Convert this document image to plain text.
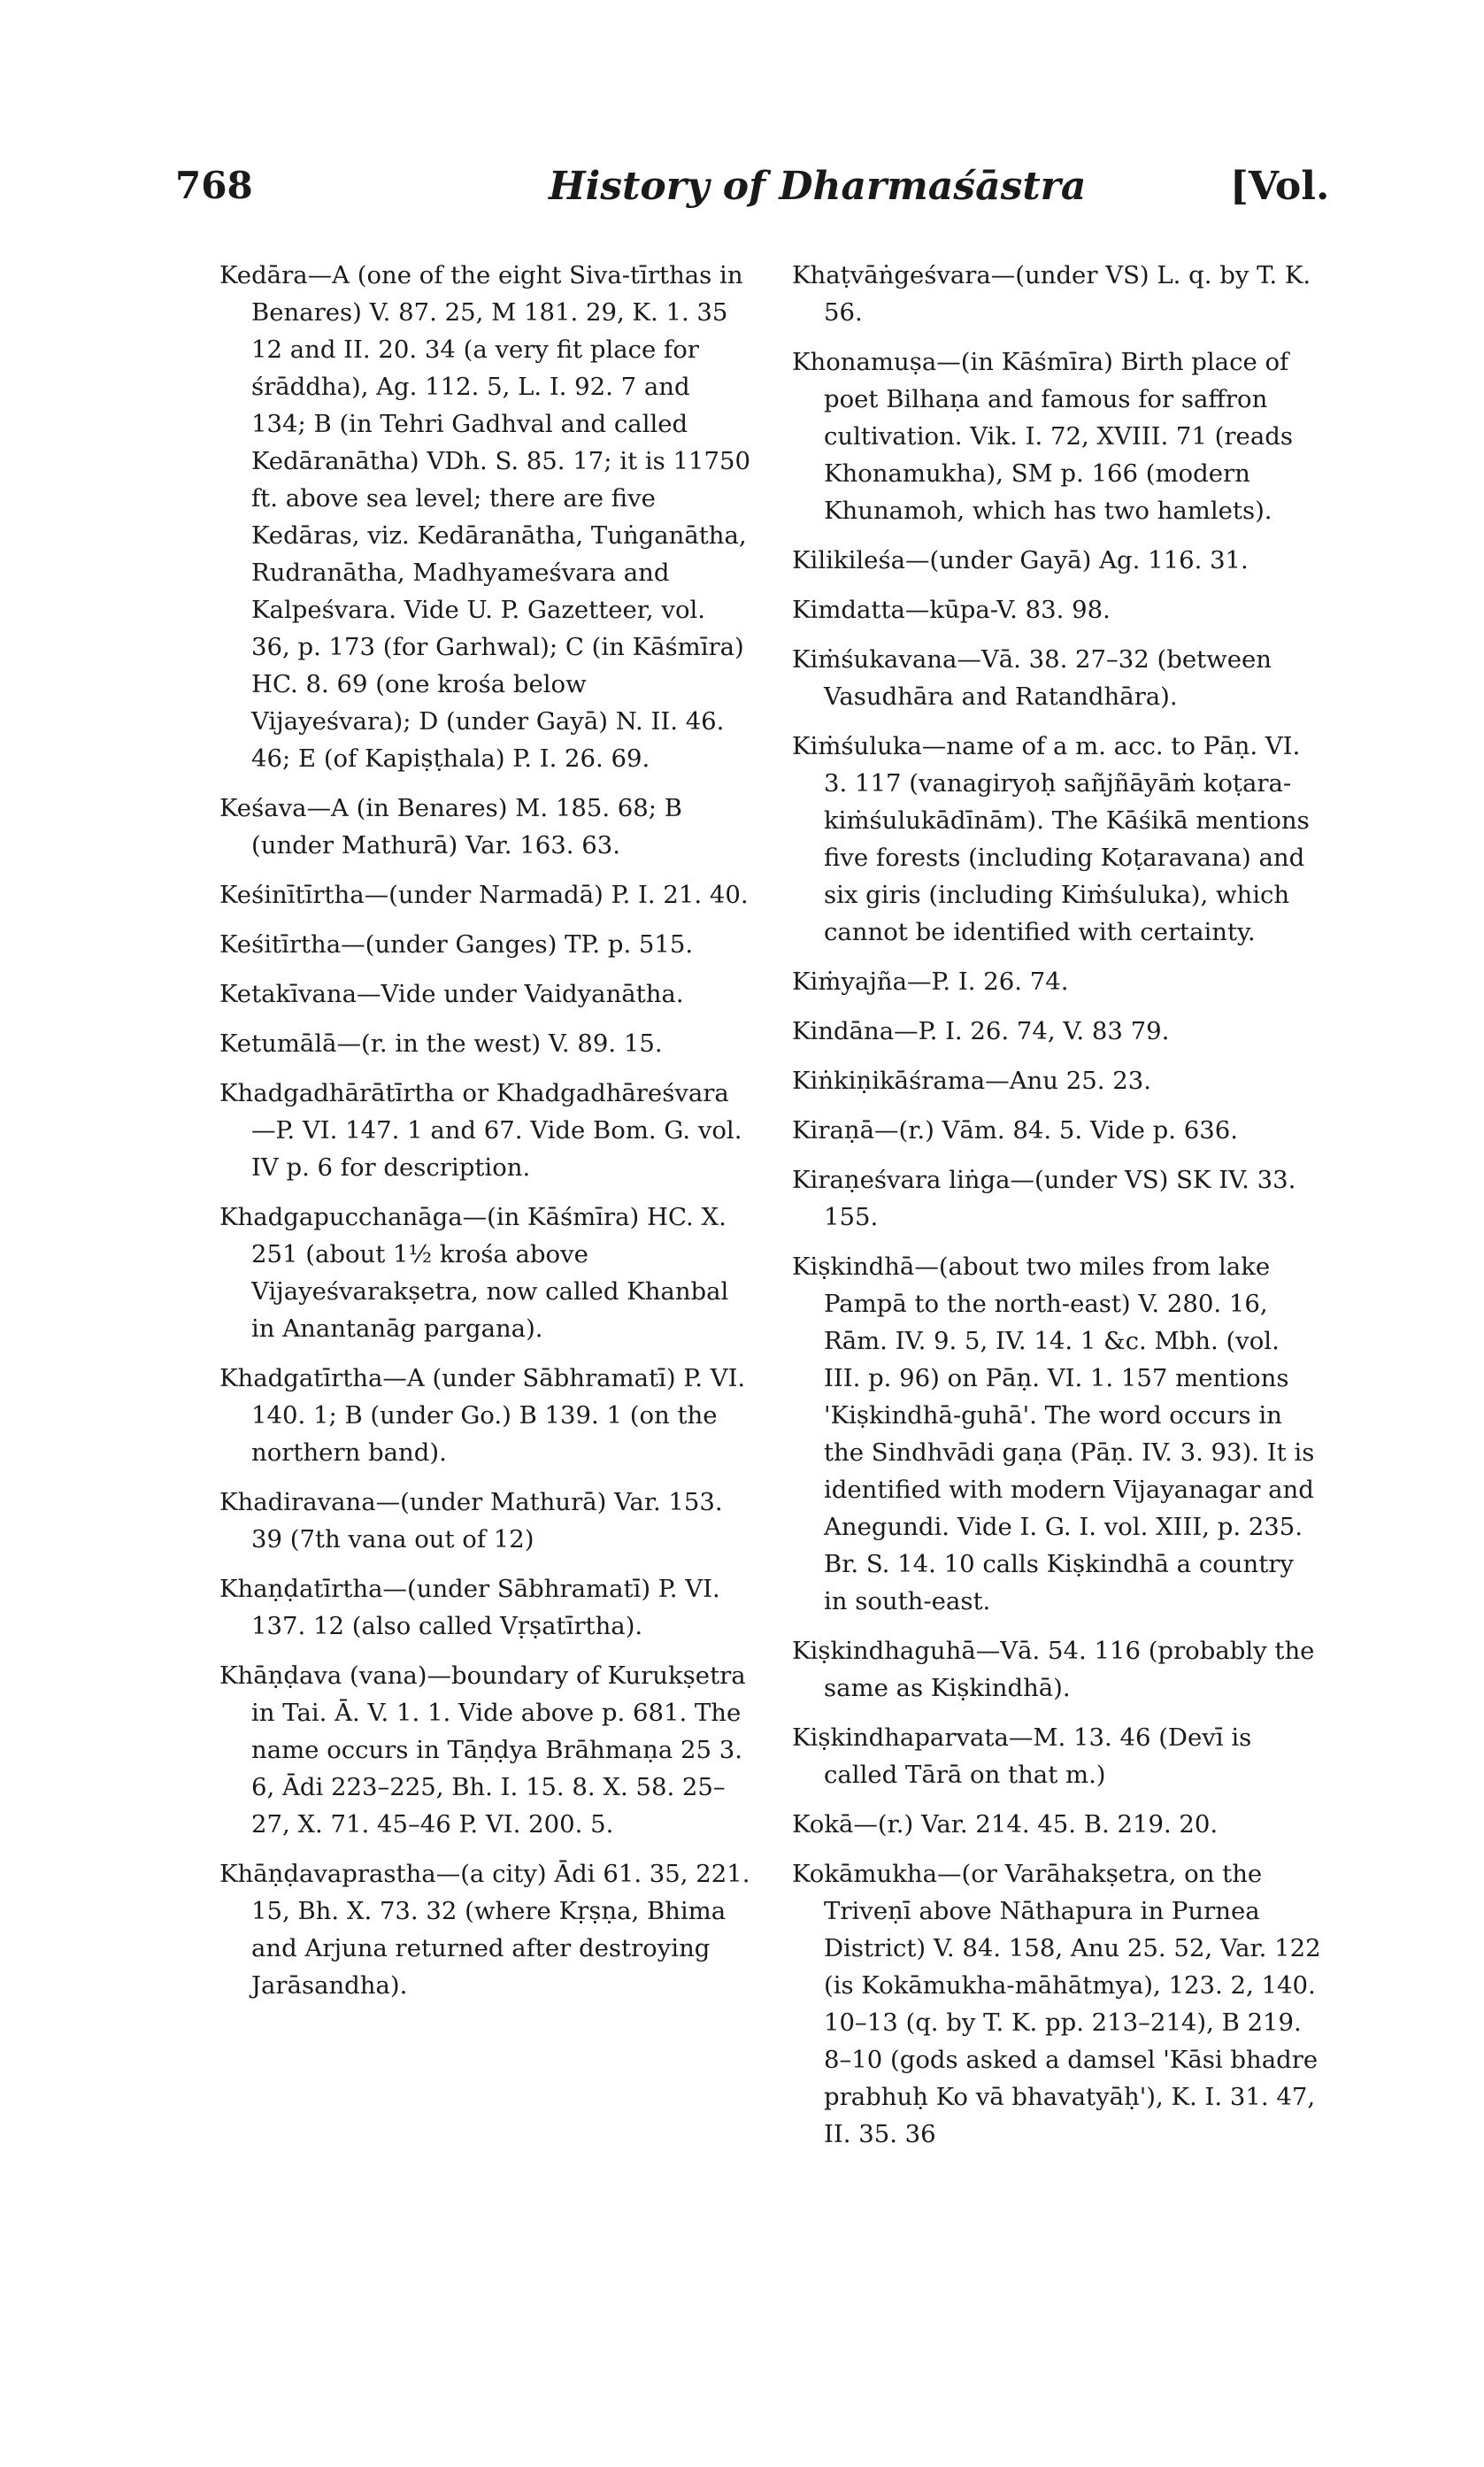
768	History of Dharmaśāstra	[Vol.

Kedāra—A (one of the eight Siva-tīrthas in Benares) V. 87. 25, M 181. 29, K. 1. 35 12 and II. 20. 34 (a very fit place for śrāddha), Ag. 112. 5, L. I. 92. 7 and 134; B (in Tehri Gadhval and called Kedāranātha) VDh. S. 85. 17; it is 11750 ft. above sea level; there are five Kedāras, viz. Kedāranātha, Tuṅganātha, Rudranātha, Madhyameśvara and Kalpeśvara. Vide U. P. Gazetteer, vol. 36, p. 173 (for Garhwal); C (in Kāśmīra) HC. 8. 69 (one krośa below Vijayeśvara); D (under Gayā) N. II. 46. 46; E (of Kapiṣṭhala) P. I. 26. 69.

Keśava—A (in Benares) M. 185. 68; B (under Mathurā) Var. 163. 63.

Keśinītīrtha—(under Narmadā) P. I. 21. 40.

Keśitīrtha—(under Ganges) TP. p. 515.

Ketakīvana—Vide under Vaidyanātha.

Ketumālā—(r. in the west) V. 89. 15.

Khadgadhārātīrtha or Khadgadhāreśvara—P. VI. 147. 1 and 67. Vide Bom. G. vol. IV p. 6 for description.

Khadgapucchanāga—(in Kāśmīra) HC. X. 251 (about 1½ krośa above Vijayeśvarakṣetra, now called Khanbal in Anantanāg pargana).

Khadgatīrtha—A (under Sābhramatī) P. VI. 140. 1; B (under Go.) B 139. 1 (on the northern band).

Khadiravana—(under Mathurā) Var. 153. 39 (7th vana out of 12)

Khaṇḍatīrtha—(under Sābhramatī) P. VI. 137. 12 (also called Vṛṣatīrtha).

Khāṇḍava (vana)—boundary of Kurukṣetra in Tai. Ā. V. 1. 1. Vide above p. 681. The name occurs in Tāṇḍya Brāhmaṇa 25 3. 6, Ādi 223–225, Bh. I. 15. 8. X. 58. 25–27, X. 71. 45–46 P. VI. 200. 5.

Khāṇḍavaprastha—(a city) Ādi 61. 35, 221. 15, Bh. X. 73. 32 (where Kṛṣṇa, Bhima and Arjuna returned after destroying Jarāsandha).

Khaṭvāṅgeśvara—(under VS) L. q. by T. K. 56.

Khonamuṣa—(in Kāśmīra) Birth place of poet Bilhaṇa and famous for saffron cultivation. Vik. I. 72, XVIII. 71 (reads Khonamukha), SM p. 166 (modern Khunamoh, which has two hamlets).

Kilikileśa—(under Gayā) Ag. 116. 31.

Kimdatta—kūpa-V. 83. 98.

Kiṁśukavana—Vā. 38. 27–32 (between Vasudhāra and Ratandhāra).

Kiṁśuluka—name of a m. acc. to Pāṇ. VI. 3. 117 (vanagiryoḥ sañjñāyāṁ koṭara-kiṁśulukādīnām). The Kāśikā mentions five forests (including Koṭaravana) and six giris (including Kiṁśuluka), which cannot be identified with certainty.

Kiṁyajña—P. I. 26. 74.

Kindāna—P. I. 26. 74, V. 83 79.

Kiṅkiṇikāśrama—Anu 25. 23.

Kiraṇā—(r.) Vām. 84. 5. Vide p. 636.

Kiraṇeśvara liṅga—(under VS) SK IV. 33. 155.

Kiṣkindhā—(about two miles from lake Pampā to the north-east) V. 280. 16, Rām. IV. 9. 5, IV. 14. 1 &c. Mbh. (vol. III. p. 96) on Pāṇ. VI. 1. 157 mentions 'Kiṣkindhā-guhā'. The word occurs in the Sindhvādi gaṇa (Pāṇ. IV. 3. 93). It is identified with modern Vijayanagar and Anegundi. Vide I. G. I. vol. XIII, p. 235. Br. S. 14. 10 calls Kiṣkindhā a country in south-east.

Kiṣkindhaguhā—Vā. 54. 116 (probably the same as Kiṣkindhā).

Kiṣkindhaparvata—M. 13. 46 (Devī is called Tārā on that m.)

Kokā—(r.) Var. 214. 45. B. 219. 20.

Kokāmukha—(or Varāhakṣetra, on the Triveṇī above Nāthapura in Purnea District) V. 84. 158, Anu 25. 52, Var. 122 (is Kokāmukha-māhātmya), 123. 2, 140. 10–13 (q. by T. K. pp. 213–214), B 219. 8–10 (gods asked a damsel 'Kāsi bhadre prabhuḥ Ko vā bhavatyāḥ'), K. I. 31. 47, II. 35. 36
